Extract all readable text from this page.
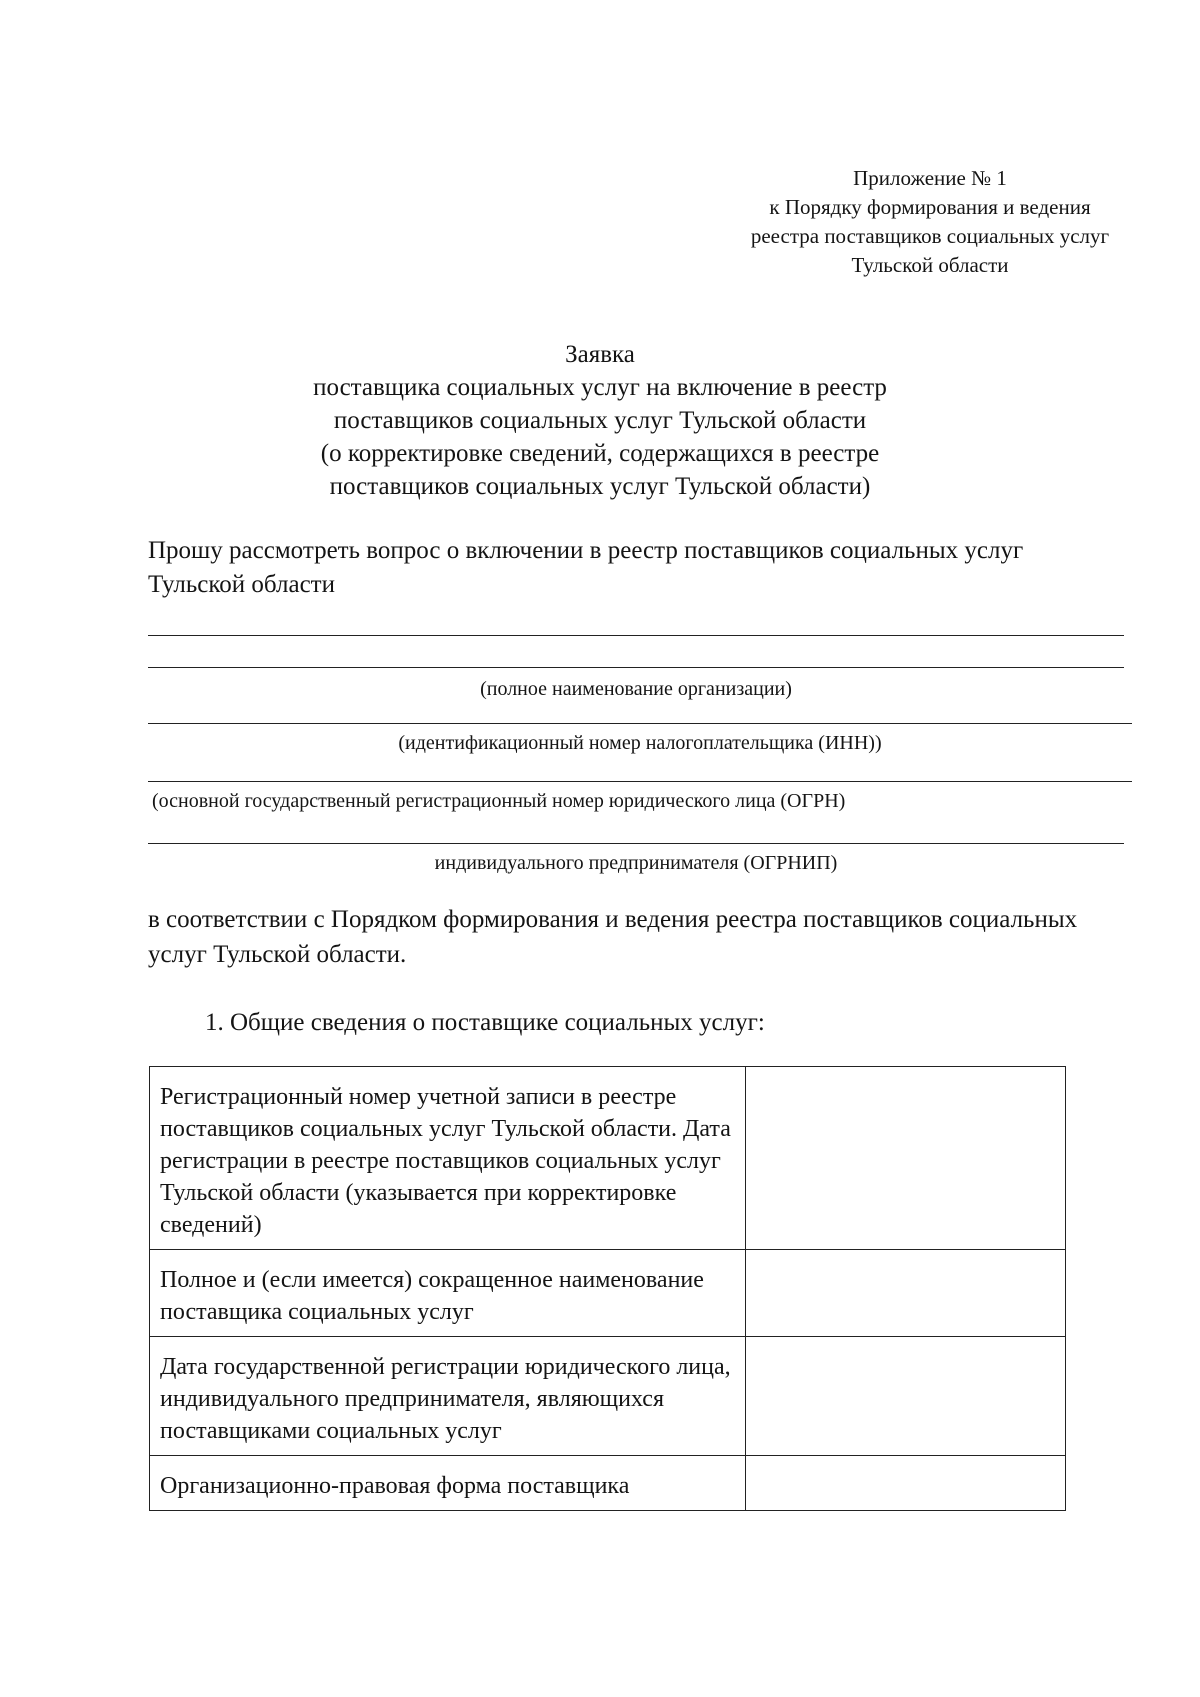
Приложение № 1
к Порядку формирования и ведения
реестра поставщиков социальных услуг
Тульской области
Заявка
поставщика социальных услуг на включение в реестр
поставщиков социальных услуг Тульской области
(о корректировке сведений, содержащихся в реестре
поставщиков социальных услуг Тульской области)
Прошу рассмотреть вопрос о включении в реестр поставщиков социальных услуг Тульской области
(полное наименование организации)
(идентификационный номер налогоплательщика (ИНН))
(основной государственный регистрационный номер юридического лица (ОГРН)
индивидуального предпринимателя (ОГРНИП)
в соответствии с Порядком формирования и ведения реестра поставщиков социальных услуг Тульской области.
1. Общие сведения о поставщике социальных услуг:
Регистрационный номер учетной записи в реестре поставщиков социальных услуг Тульской области. Дата регистрации в реестре поставщиков социальных услуг Тульской области (указывается при корректировке сведений)	
Полное и (если имеется) сокращенное наименование поставщика социальных услуг	
Дата государственной регистрации юридического лица, индивидуального предпринимателя, являющихся поставщиками социальных услуг	
Организационно-правовая форма поставщика	
